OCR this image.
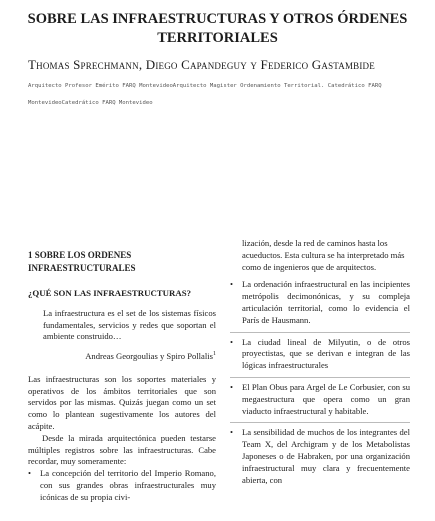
SOBRE LAS INFRAESTRUCTURAS Y OTROS ÓRDENES
TERRITORIALES
Thomas Sprechmann, Diego Capandeguy y Federico Gastambide

Arquitecto Profesor Emérito FARQ MontevideoArquitecto Magister Ordenamiento Territorial. Catedrático FARQ

MontevideoCatedrático FARQ Montevideo

1 SOBRE LOS ORDENES INFRAESTRUCTURALES
¿QUÉ SON LAS INFRAESTRUCTURAS?
La infraestructura es el set de los sistemas físicos fundamentales, servicios y redes que soportan el ambiente construido…
Andreas Georgoulias y Spiro Pollalis$^1$

Las infraestructuras son los soportes materiales y operativos de los ámbitos territoriales que son servidos por las mismas. Quizás juegan como un set como lo plantean sugestivamente los autores del acápite.

Desde la mirada arquitectónica pueden testarse múltiples registros sobre las infraestructuras. Cabe recordar, muy someramente:

• La concepción del territorio del Imperio Romano, con sus grandes obras infraestructurales muy icónicas de su propia civi-

lización, desde la red de caminos hasta los acueductos. Esta cultura se ha interpretado más como de ingenieros que de arquitectos.

• La ordenación infraestructural en las incipientes metrópolis decimonónicas, y su compleja articulación territorial, como lo evidencia el París de Hausmann.
• La ciudad lineal de Milyutin, o de otros proyectistas, que se derivan e integran de las lógicas infraestructurales
• El Plan Obus para Argel de Le Corbusier, con su megaestructura que opera como un gran viaducto infraestructural y habitable.
• La sensibilidad de muchos de los integrantes del Team X, del Archigram y de los Metabolistas Japoneses o de Habraken, por una organización infraestructural muy clara y frecuentemente abierta, con
